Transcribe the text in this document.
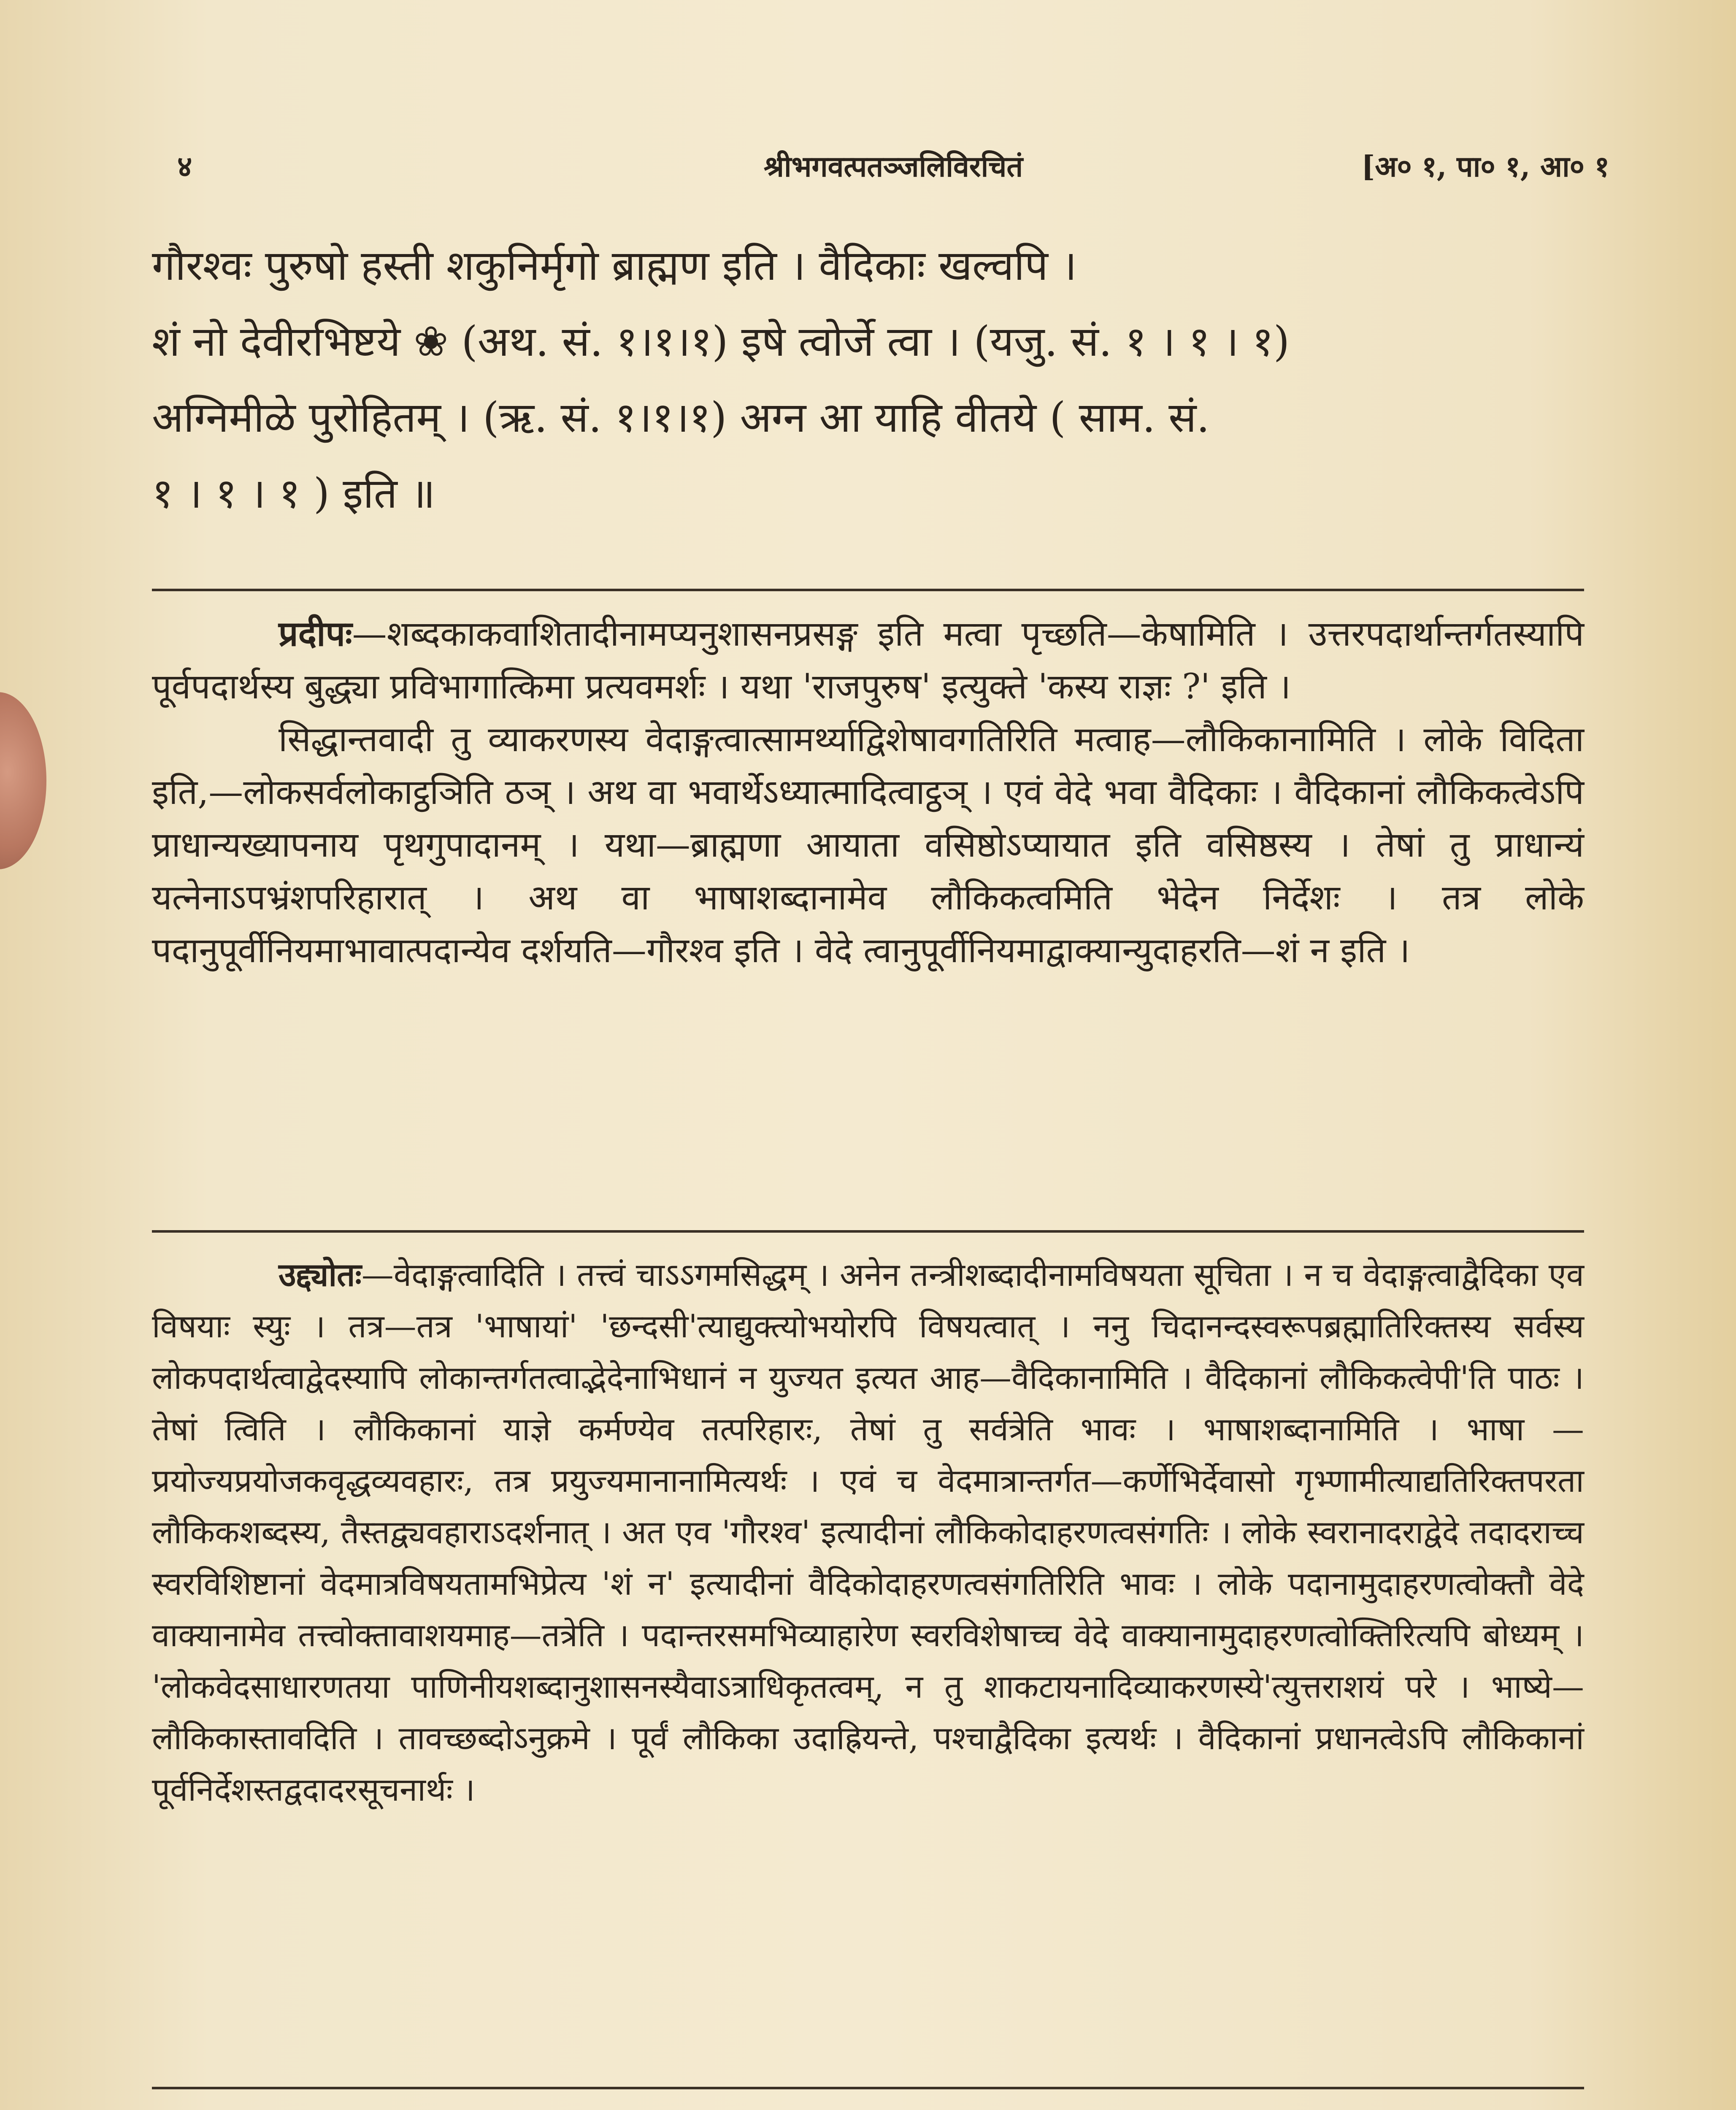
४	श्रीभगवत्पतञ्जलिविरचितं	[अ० १, पा० १, आ० १

गौरश्वः पुरुषो हस्ती शकुनिर्मृगो ब्राह्मण इति । वैदिकाः खल्वपि ।

शं नो देवीरभिष्टये ❀ (अथ. सं. १।१।१) इषे त्वोर्जे त्वा । (यजु. सं. १ । १ । १)

अग्निमीळे पुरोहितम् । (ऋ. सं. १।१।१) अग्न आ याहि वीतये ( साम. सं.

१ । १ । १ ) इति ॥

प्रदीपः—शब्दकाकवाशितादीनामप्यनुशासनप्रसङ्ग इति मत्वा पृच्छति—केषामिति । उत्तरपदार्थान्तर्गतस्यापि पूर्वपदार्थस्य बुद्ध्या प्रविभागात्किमा प्रत्यवमर्शः । यथा 'राजपुरुष' इत्युक्ते 'कस्य राज्ञः ?' इति ।

सिद्धान्तवादी तु व्याकरणस्य वेदाङ्गत्वात्सामर्थ्याद्विशेषावगतिरिति मत्वाह—लौकिकानामिति । लोके विदिता इति,—लोकसर्वलोकाट्ठञिति ठञ् । अथ वा भवार्थेऽध्यात्मादित्वाट्ठञ् । एवं वेदे भवा वैदिकाः । वैदिकानां लौकिकत्वेऽपि प्राधान्यख्यापनाय पृथगुपादानम् । यथा—ब्राह्मणा आयाता वसिष्ठोऽप्यायात इति वसिष्ठस्य । तेषां तु प्राधान्यं यत्नेनाऽपभ्रंशपरिहारात् । अथ वा भाषाशब्दानामेव लौकिकत्वमिति भेदेन निर्देशः । तत्र लोके पदानुपूर्वीनियमाभावात्पदान्येव दर्शयति—गौरश्व इति । वेदे त्वानुपूर्वीनियमाद्वाक्यान्युदाहरति—शं न इति ।

उद्द्योतः—वेदाङ्गत्वादिति । तत्त्वं चाऽऽगमसिद्धम् । अनेन तन्त्रीशब्दादीनामविषयता सूचिता । न च वेदाङ्गत्वाद्वैदिका एव विषयाः स्युः । तत्र—तत्र 'भाषायां' 'छन्दसी'त्याद्युक्त्योभयोरपि विषयत्वात् । ननु चिदानन्दस्वरूपब्रह्मातिरिक्तस्य सर्वस्य लोकपदार्थत्वाद्वेदस्यापि लोकान्तर्गतत्वाद्भेदेनाभिधानं न युज्यत इत्यत आह—वैदिकानामिति । वैदिकानां लौकिकत्वेपी'ति पाठः । तेषां त्विति । लौकिकानां याज्ञे कर्मण्येव तत्परिहारः, तेषां तु सर्वत्रेति भावः । भाषाशब्दानामिति । भाषा —प्रयोज्यप्रयोजकवृद्धव्यवहारः, तत्र प्रयुज्यमानानामित्यर्थः । एवं च वेदमात्रान्तर्गत—कर्णेभिर्देवासो गृभ्णामीत्याद्यतिरिक्तपरता लौकिकशब्दस्य, तैस्तद्व्यवहाराऽदर्शनात् । अत एव 'गौरश्व' इत्यादीनां लौकिकोदाहरणत्वसंगतिः । लोके स्वरानादराद्वेदे तदादराच्च स्वरविशिष्टानां वेदमात्रविषयतामभिप्रेत्य 'शं न' इत्यादीनां वैदिकोदाहरणत्वसंगतिरिति भावः । लोके पदानामुदाहरणत्वोक्तौ वेदे वाक्यानामेव तत्त्वोक्तावाशयमाह—तत्रेति । पदान्तरसमभिव्याहारेण स्वरविशेषाच्च वेदे वाक्यानामुदाहरणत्वोक्तिरित्यपि बोध्यम् । 'लोकवेदसाधारणतया पाणिनीयशब्दानुशासनस्यैवाऽत्राधिकृतत्वम्, न तु शाकटायनादिव्याकरणस्ये'त्युत्तराशयं परे । भाष्ये—लौकिकास्तावदिति । तावच्छब्दोऽनुक्रमे । पूर्वं लौकिका उदाह्रियन्ते, पश्चाद्वैदिका इत्यर्थः । वैदिकानां प्रधानत्वेऽपि लौकिकानां पूर्वनिर्देशस्तद्वदादरसूचनार्थः ।
